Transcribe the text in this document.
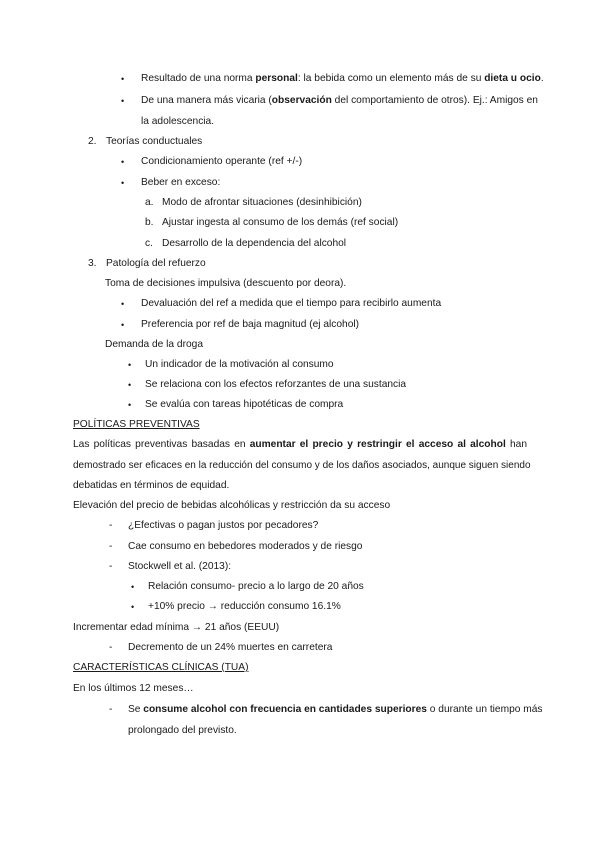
• Resultado de una norma personal: la bebida como un elemento más de su dieta u ocio.
• De una manera más vicaria (observación del comportamiento de otros). Ej.: Amigos en
la adolescencia.
2. Teorías conductuales
• Condicionamiento operante (ref +/-)
• Beber en exceso:
a. Modo de afrontar situaciones (desinhibición)
b. Ajustar ingesta al consumo de los demás (ref social)
c. Desarrollo de la dependencia del alcohol
3. Patología del refuerzo
Toma de decisiones impulsiva (descuento por deora).
• Devaluación del ref a medida que el tiempo para recibirlo aumenta
• Preferencia por ref de baja magnitud (ej alcohol)
Demanda de la droga
• Un indicador de la motivación al consumo
• Se relaciona con los efectos reforzantes de una sustancia
• Se evalúa con tareas hipotéticas de compra
POLÍTICAS PREVENTIVAS
Las políticas preventivas basadas en aumentar el precio y restringir el acceso al alcohol han
demostrado ser eficaces en la reducción del consumo y de los daños asociados, aunque siguen siendo
debatidas en términos de equidad.
Elevación del precio de bebidas alcohólicas y restricción da su acceso
- ¿Efectivas o pagan justos por pecadores?
- Cae consumo en bebedores moderados y de riesgo
- Stockwell et al. (2013):
• Relación consumo- precio a lo largo de 20 años
• +10% precio → reducción consumo 16.1%
Incrementar edad mínima → 21 años (EEUU)
- Decremento de un 24% muertes en carretera
CARACTERÍSTICAS CLÍNICAS (TUA)
En los últimos 12 meses…
- Se consume alcohol con frecuencia en cantidades superiores o durante un tiempo más
prolongado del previsto.
